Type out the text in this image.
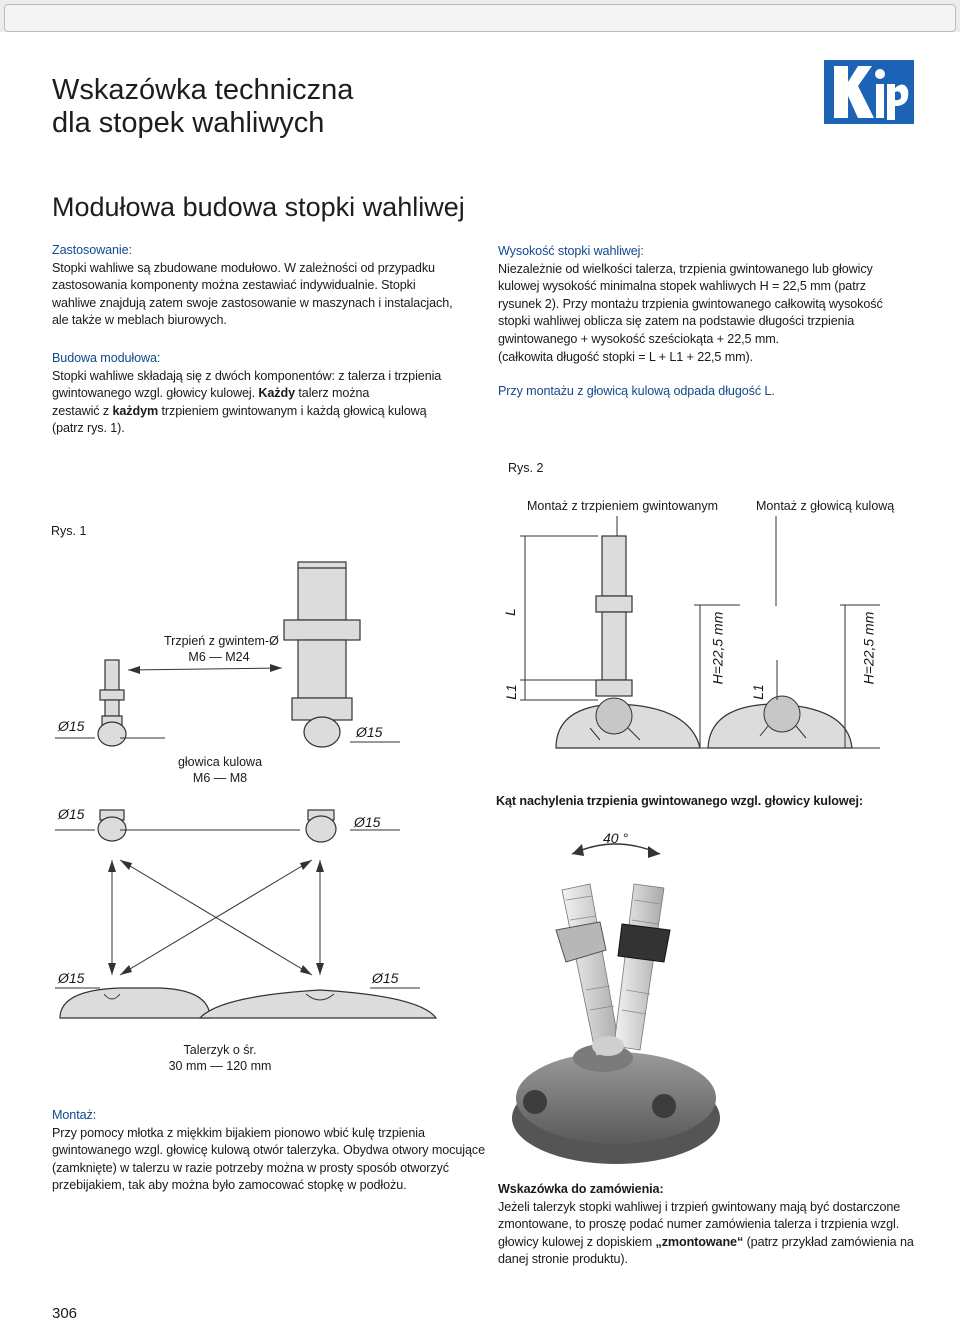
Wskazówka techniczna
dla stopek wahliwych	Kipp
Modułowa budowa stopki wahliwej
Zastosowanie:
Stopki wahliwe są zbudowane modułowo. W zależności od przypadku
zastosowania komponenty można zestawiać indywidualnie. Stopki
wahliwe znajdują zatem swoje zastosowanie w maszynach i instalacjach,
ale także w meblach biurowych.
Budowa modułowa:
Stopki wahliwe składają się z dwóch komponentów: z talerza i trzpienia
gwintowanego wzgl. głowicy kulowej. Każdy talerz można
zestawić z każdym trzpieniem gwintowanym i każdą głowicą kulową
(patrz rys. 1).
Wysokość stopki wahliwej:
Niezależnie od wielkości talerza, trzpienia gwintowanego lub głowicy
kulowej wysokość minimalna stopek wahliwych H = 22,5 mm (patrz
rysunek 2). Przy montażu trzpienia gwintowanego całkowitą wysokość
stopki wahliwej oblicza się zatem na podstawie długości trzpienia
gwintowanego + wysokość sześciokąta + 22,5 mm.
(całkowita długość stopki = L + L1 + 22,5 mm).
Przy montażu z głowicą kulową odpada długość L.
Rys. 1
Trzpień z gwintem-Ø
M6 — M24
głowica kulowa
M6 — M8
Talerzyk o śr.
30 mm — 120 mm
Ø15	Ø15
Ø15	Ø15
Ø15	Ø15
Rys. 2
Montaż z trzpieniem gwintowanym	Montaż z głowicą kulową
L
L1
H=22,5 mm
L1
H=22,5 mm
Kąt nachylenia trzpienia gwintowanego wzgl. głowicy kulowej:
40 °
Montaż:
Przy pomocy młotka z miękkim bijakiem pionowo wbić kulę trzpienia
gwintowanego wzgl. głowicę kulową otwór talerzyka. Obydwa otwory mocujące
(zamknięte) w talerzu w razie potrzeby można w prosty sposób otworzyć
przebijakiem, tak aby można było zamocować stopkę w podłożu.	Wskazówka do zamówienia:
Jeżeli talerzyk stopki wahliwej i trzpień gwintowany mają być dostarczone
zmontowane, to proszę podać numer zamówienia talerza i trzpienia wzgl.
głowicy kulowej z dopiskiem „zmontowane“ (patrz przykład zamówienia na
danej stronie produktu).
306
